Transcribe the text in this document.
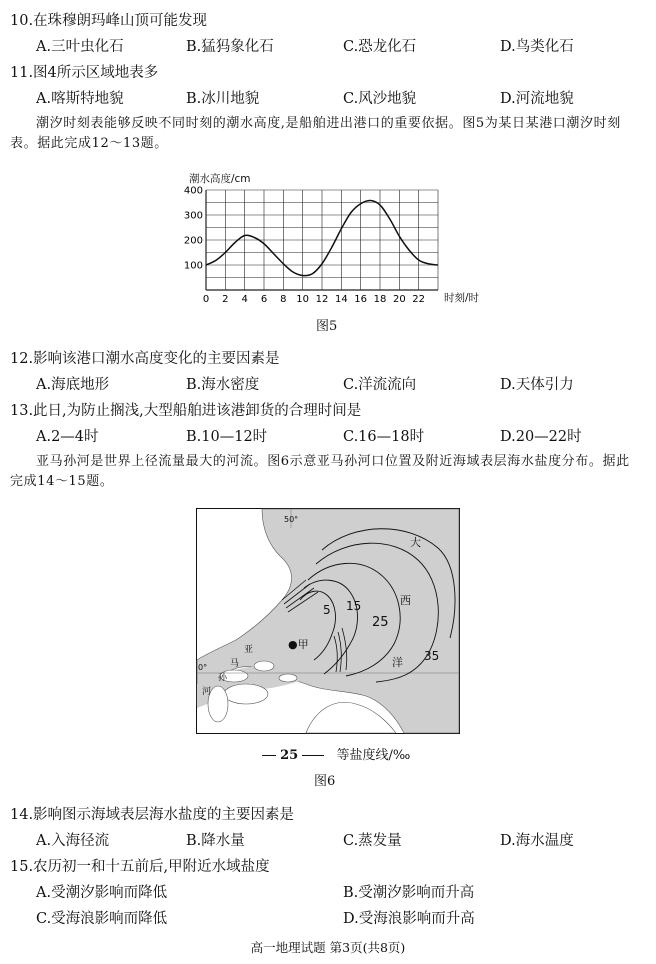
10.在珠穆朗玛峰山顶可能发现
A.三叶虫化石	B.猛犸象化石	C.恐龙化石	D.鸟类化石
11.图4所示区域地表多
A.喀斯特地貌	B.冰川地貌	C.风沙地貌	D.河流地貌
潮汐时刻表能够反映不同时刻的潮水高度,是船舶进出港口的重要依据。图5为某日某港口潮汐时刻表。据此完成12～13题。
潮水高度/cm
100
200
300
400
0 2 4 6 8 10 12 14 16 18 20 22 时刻/时
图5
12.影响该港口潮水高度变化的主要因素是
A.海底地形	B.海水密度	C.洋流流向	D.天体引力
13.此日,为防止搁浅,大型船舶进该港卸货的合理时间是
A.2—4时	B.10—12时	C.16—18时	D.20—22时
亚马孙河是世界上径流量最大的河流。图6示意亚马孙河口位置及附近海域表层海水盐度分布。据此完成14～15题。
50°
0°
5 15
25
35
大
西
洋
亚
马
孙
河
●甲
25	等盐度线/‰
图6
14.影响图示海域表层海水盐度的主要因素是
A.入海径流	B.降水量	C.蒸发量	D.海水温度
15.农历初一和十五前后,甲附近水域盐度
A.受潮汐影响而降低	B.受潮汐影响而升高
C.受海浪影响而降低	D.受海浪影响而升高
高一地理试题 第3页(共8页)
